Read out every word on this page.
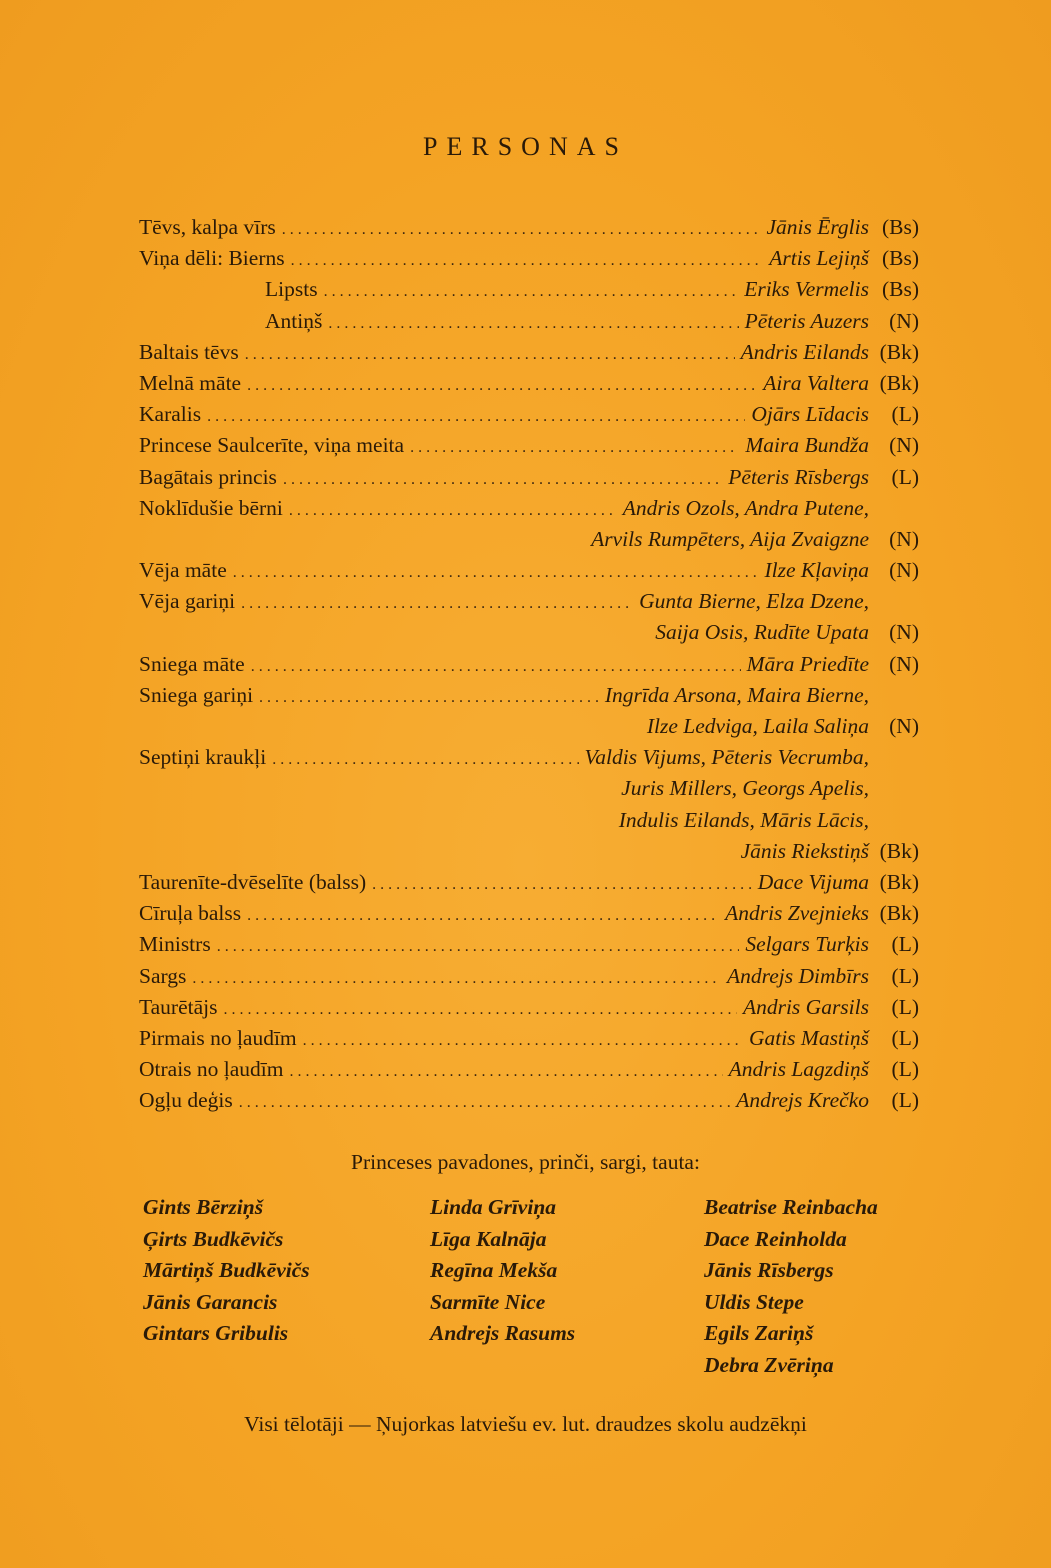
PERSONAS
Tēvs, kalpa vīrs . . .	Jānis Ērglis (Bs)
Viņa dēli: Bierns . . .	Artis Lejiņš (Bs)
Lipsts . . .	Eriks Vermelis (Bs)
Antiņš . . .	Pēteris Auzers (N)
Baltais tēvs . . .	Andris Eilands (Bk)
Melnā māte . . .	Aira Valtera (Bk)
Karalis . . .	Ojārs Līdacis	(L)
Princese Saulcerīte, viņa meita . . .	Maira Bundža (N)
Bagātais princis . . .	Pēteris Rīsbergs	(L)
Noklīdušie bērni . . .	Andris Ozols, Andra Putene,
Arvils Rumpēters, Aija Zvaigzne (N)
Vēja māte . . .	Ilze Kļaviņa (N)
Vēja gariņi . . .	Gunta Bierne, Elza Dzene,
Saija Osis, Rudīte Upata (N)
Sniega māte . . .	Māra Priedīte (N)
Sniega gariņi . . .	Ingrīda Arsona, Maira Bierne,
Ilze Ledviga, Laila Saliņa (N)
Septiņi kraukļi . . .	Valdis Vijums, Pēteris Vecrumba,
Juris Millers, Georgs Apelis,
Indulis Eilands, Māris Lācis,
Jānis Riekstiņš (Bk)
Taurenīte-dvēselīte (balss) . . .	Dace Vijuma (Bk)
Cīruļa balss . . .	Andris Zvejnieks (Bk)
Ministrs . . .	Selgars Turķis	(L)
Sargs . . .	Andrejs Dimbīrs	(L)
Taurētājs . . .	Andris Garsils	(L)
Pirmais no ļaudīm . . .	Gatis Mastiņš	(L)
Otrais no ļaudīm . . .	Andris Lagzdiņš	(L)
Ogļu deģis . . .	Andrejs Krečko	(L)
Princeses pavadones, prinči, sargi, tauta:
Gints Bērziņš
Ģirts Budkēvičs
Mārtiņš Budkēvičs
Jānis Garancis
Gintars Gribulis
Linda Grīviņa
Līga Kalnāja
Regīna Mekša
Sarmīte Nice
Andrejs Rasums
Beatrise Reinbacha
Dace Reinholda
Jānis Rīsbergs
Uldis Stepe
Egils Zariņš
Debra Zvēriņa
Visi tēlotāji — Ņujorkas latviešu ev. lut. draudzes skolu audzēkņi
